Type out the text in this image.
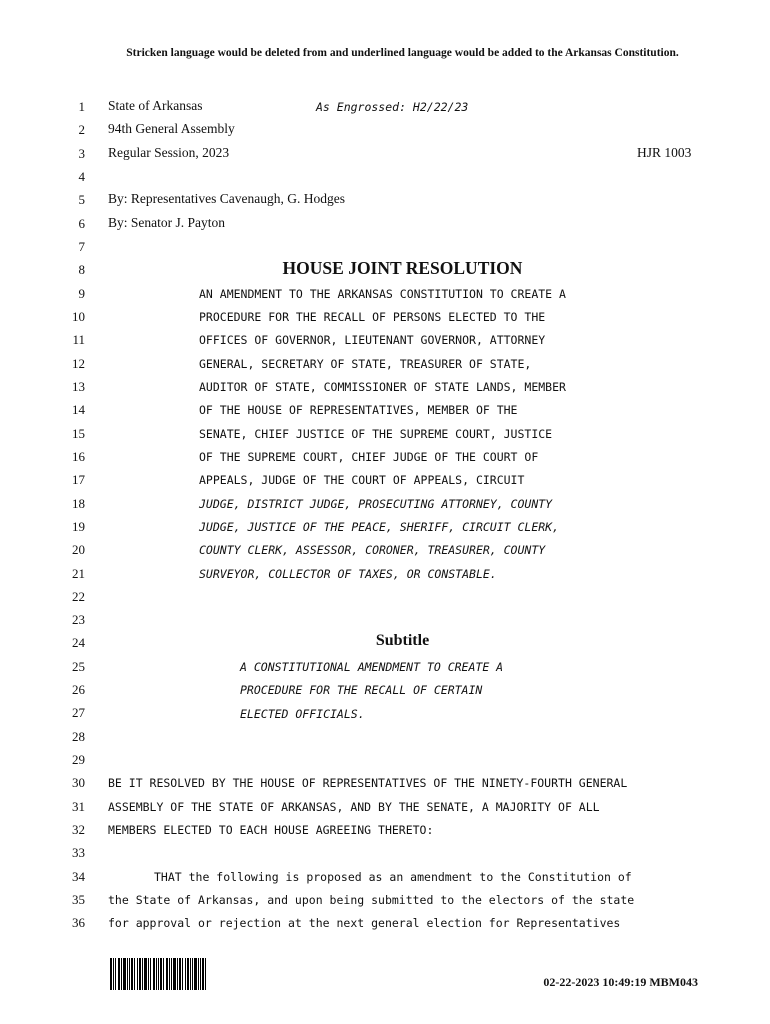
Stricken language would be deleted from and underlined language would be added to the Arkansas Constitution.
1
2
3
4
5
6
7
8
9
10
11
12
13
14
15
16
17
18
19
20
21
22
23
24
25
26
27
28
29
30
31
32
33
34
35
36
State of Arkansas	As Engrossed: H2/22/23
94th General Assembly
Regular Session, 2023	HJR 1003
By: Representatives Cavenaugh, G. Hodges
By: Senator J. Payton
HOUSE JOINT RESOLUTION
AN AMENDMENT TO THE ARKANSAS CONSTITUTION TO CREATE A
PROCEDURE FOR THE RECALL OF PERSONS ELECTED TO THE
OFFICES OF GOVERNOR, LIEUTENANT GOVERNOR, ATTORNEY
GENERAL, SECRETARY OF STATE, TREASURER OF STATE,
AUDITOR OF STATE, COMMISSIONER OF STATE LANDS, MEMBER
OF THE HOUSE OF REPRESENTATIVES, MEMBER OF THE
SENATE, CHIEF JUSTICE OF THE SUPREME COURT, JUSTICE
OF THE SUPREME COURT, CHIEF JUDGE OF THE COURT OF
APPEALS, JUDGE OF THE COURT OF APPEALS, CIRCUIT
JUDGE, DISTRICT JUDGE, PROSECUTING ATTORNEY, COUNTY
JUDGE, JUSTICE OF THE PEACE, SHERIFF, CIRCUIT CLERK,
COUNTY CLERK, ASSESSOR, CORONER, TREASURER, COUNTY
SURVEYOR, COLLECTOR OF TAXES, OR CONSTABLE.
Subtitle
A CONSTITUTIONAL AMENDMENT TO CREATE A
PROCEDURE FOR THE RECALL OF CERTAIN
ELECTED OFFICIALS.
BE IT RESOLVED BY THE HOUSE OF REPRESENTATIVES OF THE NINETY-FOURTH GENERAL
ASSEMBLY OF THE STATE OF ARKANSAS, AND BY THE SENATE, A MAJORITY OF ALL
MEMBERS ELECTED TO EACH HOUSE AGREEING THERETO:
THAT the following is proposed as an amendment to the Constitution of
the State of Arkansas, and upon being submitted to the electors of the state
for approval or rejection at the next general election for Representatives
02-22-2023 10:49:19 MBM043
